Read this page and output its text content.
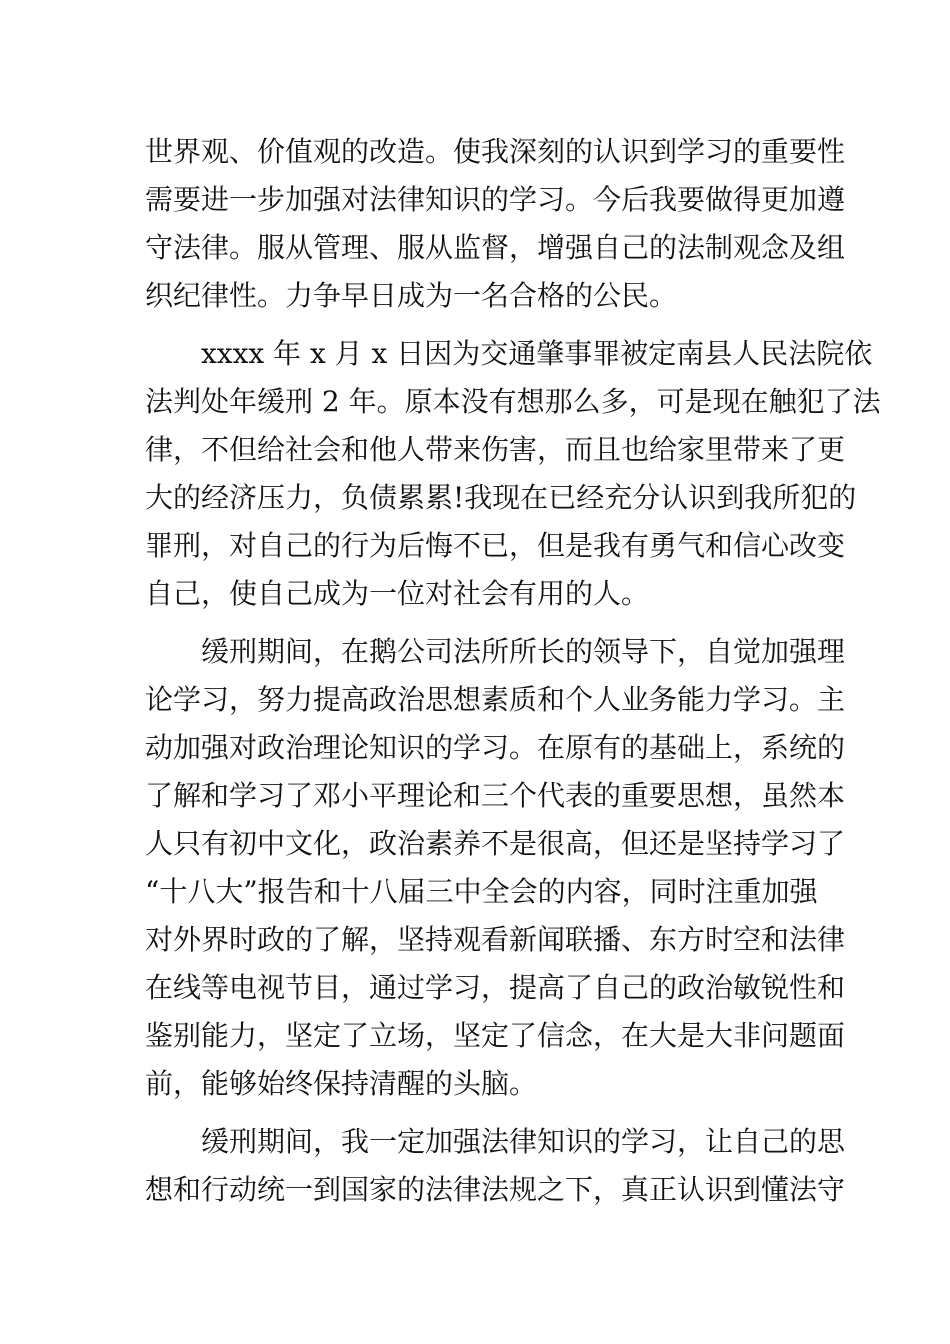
世界观、价值观的改造。使我深刻的认识到学习的重要性
需要进一步加强对法律知识的学习。今后我要做得更加遵
守法律。服从管理、服从监督，增强自己的法制观念及组
织纪律性。力争早日成为一名合格的公民。
　　xxxx 年 x 月 x 日因为交通肇事罪被定南县人民法院依
法判处年缓刑 2 年。原本没有想那么多，可是现在触犯了法
律，不但给社会和他人带来伤害，而且也给家里带来了更
大的经济压力，负债累累!我现在已经充分认识到我所犯的
罪刑，对自己的行为后悔不已，但是我有勇气和信心改变
自己，使自己成为一位对社会有用的人。
　　缓刑期间，在鹅公司法所所长的领导下，自觉加强理
论学习，努力提高政治思想素质和个人业务能力学习。主
动加强对政治理论知识的学习。在原有的基础上，系统的
了解和学习了邓小平理论和三个代表的重要思想，虽然本
人只有初中文化，政治素养不是很高，但还是坚持学习了
“十八大”报告和十八届三中全会的内容，同时注重加强
对外界时政的了解，坚持观看新闻联播、东方时空和法律
在线等电视节目，通过学习，提高了自己的政治敏锐性和
鉴别能力，坚定了立场，坚定了信念，在大是大非问题面
前，能够始终保持清醒的头脑。
　　缓刑期间，我一定加强法律知识的学习，让自己的思
想和行动统一到国家的法律法规之下，真正认识到懂法守
